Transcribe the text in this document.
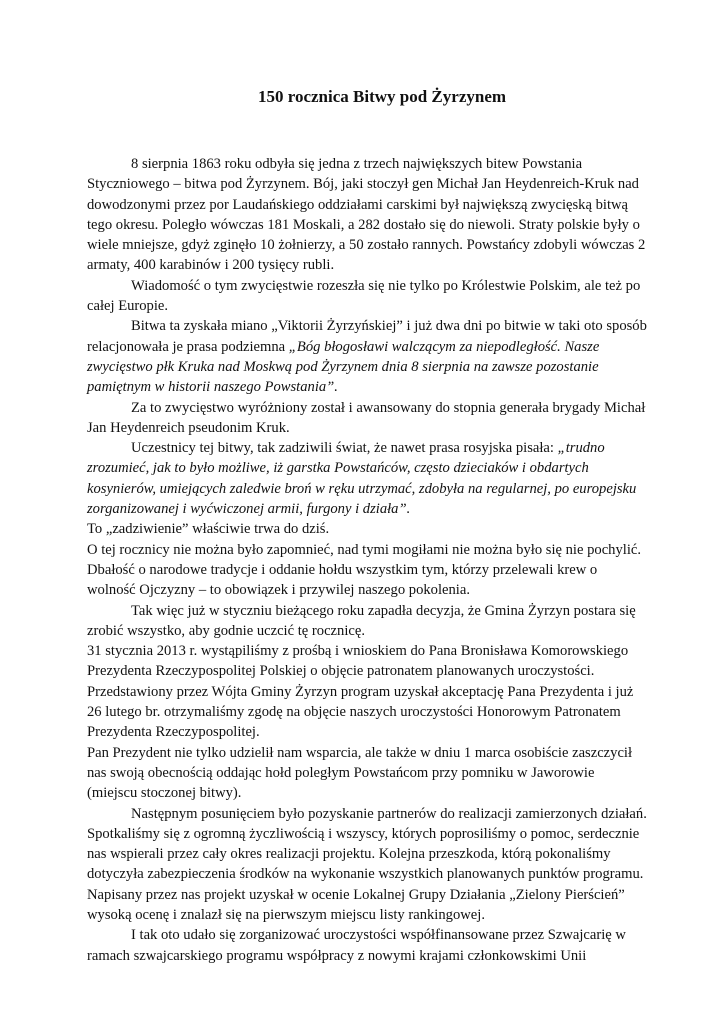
150 rocznica Bitwy pod Żyrzynem

8 sierpnia 1863 roku odbyła się jedna z trzech największych bitew Powstania Styczniowego – bitwa pod Żyrzynem. Bój, jaki stoczył gen Michał Jan Heydenreich-Kruk nad dowodzonymi przez por Laudańskiego oddziałami carskimi był największą zwycięską bitwą tego okresu. Poległo wówczas 181 Moskali, a 282 dostało się do niewoli. Straty polskie były o wiele mniejsze, gdyż zginęło 10 żołnierzy, a 50 zostało rannych. Powstańcy zdobyli wówczas 2 armaty, 400 karabinów i 200 tysięcy rubli.

Wiadomość o tym zwycięstwie rozeszła się nie tylko po Królestwie Polskim, ale też po całej Europie.

Bitwa ta zyskała miano „Viktorii Żyrzyńskiej” i już dwa dni po bitwie w taki oto sposób relacjonowała je prasa podziemna „Bóg błogosławi walczącym za niepodległość. Nasze zwycięstwo płk Kruka nad Moskwą pod Żyrzynem dnia 8 sierpnia na zawsze pozostanie pamiętnym w historii naszego Powstania”.

Za to zwycięstwo wyróżniony został i awansowany do stopnia generała brygady Michał Jan Heydenreich pseudonim Kruk.

Uczestnicy tej bitwy, tak zadziwili świat, że nawet prasa rosyjska pisała: „trudno zrozumieć, jak to było możliwe, iż garstka Powstańców, często dzieciaków i obdartych kosynierów, umiejących zaledwie broń w ręku utrzymać, zdobyła na regularnej, po europejsku zorganizowanej i wyćwiczonej armii, furgony i działa”.

To „zadziwienie” właściwie trwa do dziś.

O tej rocznicy nie można było zapomnieć, nad tymi mogiłami nie można było się nie pochylić. Dbałość o narodowe tradycje i oddanie hołdu wszystkim tym, którzy przelewali krew o wolność Ojczyzny – to obowiązek i przywilej naszego pokolenia.

Tak więc już w styczniu bieżącego roku zapadła decyzja, że Gmina Żyrzyn postara się zrobić wszystko, aby godnie uczcić tę rocznicę.

31 stycznia 2013 r. wystąpiliśmy z prośbą i wnioskiem do Pana Bronisława Komorowskiego Prezydenta Rzeczypospolitej Polskiej o objęcie patronatem planowanych uroczystości. Przedstawiony przez Wójta Gminy Żyrzyn program uzyskał akceptację Pana Prezydenta i już 26 lutego br. otrzymaliśmy zgodę na objęcie naszych uroczystości Honorowym Patronatem Prezydenta Rzeczypospolitej.

Pan Prezydent nie tylko udzielił nam wsparcia, ale także w dniu 1 marca osobiście zaszczycił nas swoją obecnością oddając hołd poległym Powstańcom przy pomniku w Jaworowie (miejscu stoczonej bitwy).

Następnym posunięciem było pozyskanie partnerów do realizacji zamierzonych działań. Spotkaliśmy się z ogromną życzliwością i wszyscy, których poprosiliśmy o pomoc, serdecznie nas wspierali przez cały okres realizacji projektu. Kolejna przeszkoda, którą pokonaliśmy dotyczyła zabezpieczenia środków na wykonanie wszystkich planowanych punktów programu. Napisany przez nas projekt uzyskał w ocenie Lokalnej Grupy Działania „Zielony Pierścień” wysoką ocenę i znalazł się na pierwszym miejscu listy rankingowej.

I tak oto udało się zorganizować uroczystości współfinansowane przez Szwajcarię w ramach szwajcarskiego programu współpracy z nowymi krajami członkowskimi Unii
